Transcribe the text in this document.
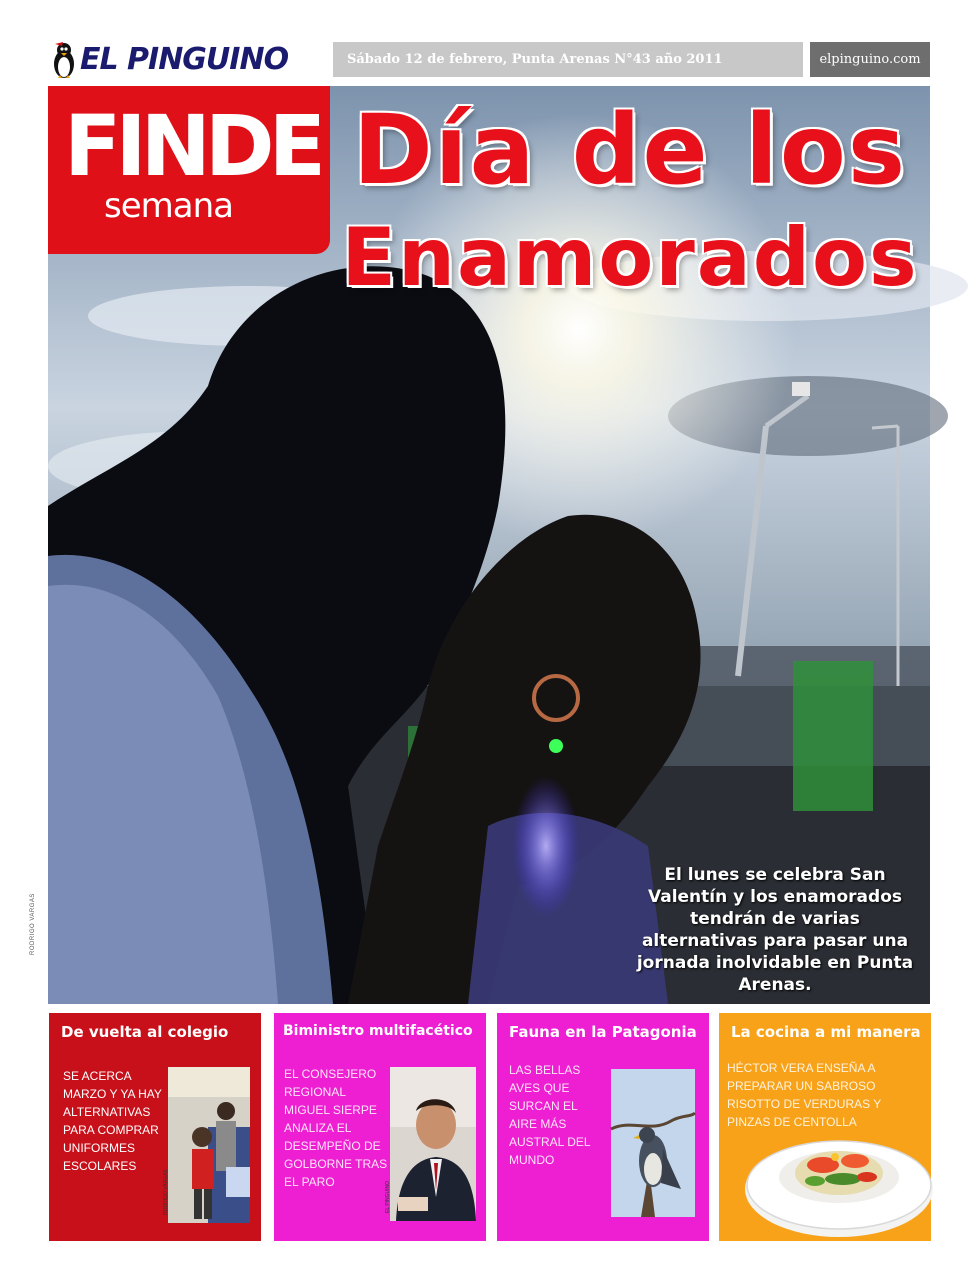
EL PINGUINO	Sábado 12 de febrero, Punta Arenas N°43 año 2011	elpinguino.com
RODRIGO VARGAS
FINDE
semana Día de los
Enamorados
El lunes se celebra San Valentín y los enamorados tendrán de varias alternativas para pasar una jornada inolvidable en Punta Arenas.
De vuelta al colegio
SE ACERCA MARZO Y YA HAY ALTERNATIVAS PARA COMPRAR UNIFORMES ESCOLARES
RODRIGO VARGAS
Biministro multifacético
EL CONSEJERO REGIONAL MIGUEL SIERPE ANALIZA EL DESEMPEÑO DE GOLBORNE TRAS EL PARO	EL PINGUINO
Fauna en la Patagonia
LAS BELLAS AVES QUE SURCAN EL AIRE MÁS AUSTRAL DEL MUNDO
La cocina a mi manera
HÉCTOR VERA ENSEÑA A PREPARAR UN SABROSO RISOTTO DE VERDURAS Y PINZAS DE CENTOLLA
